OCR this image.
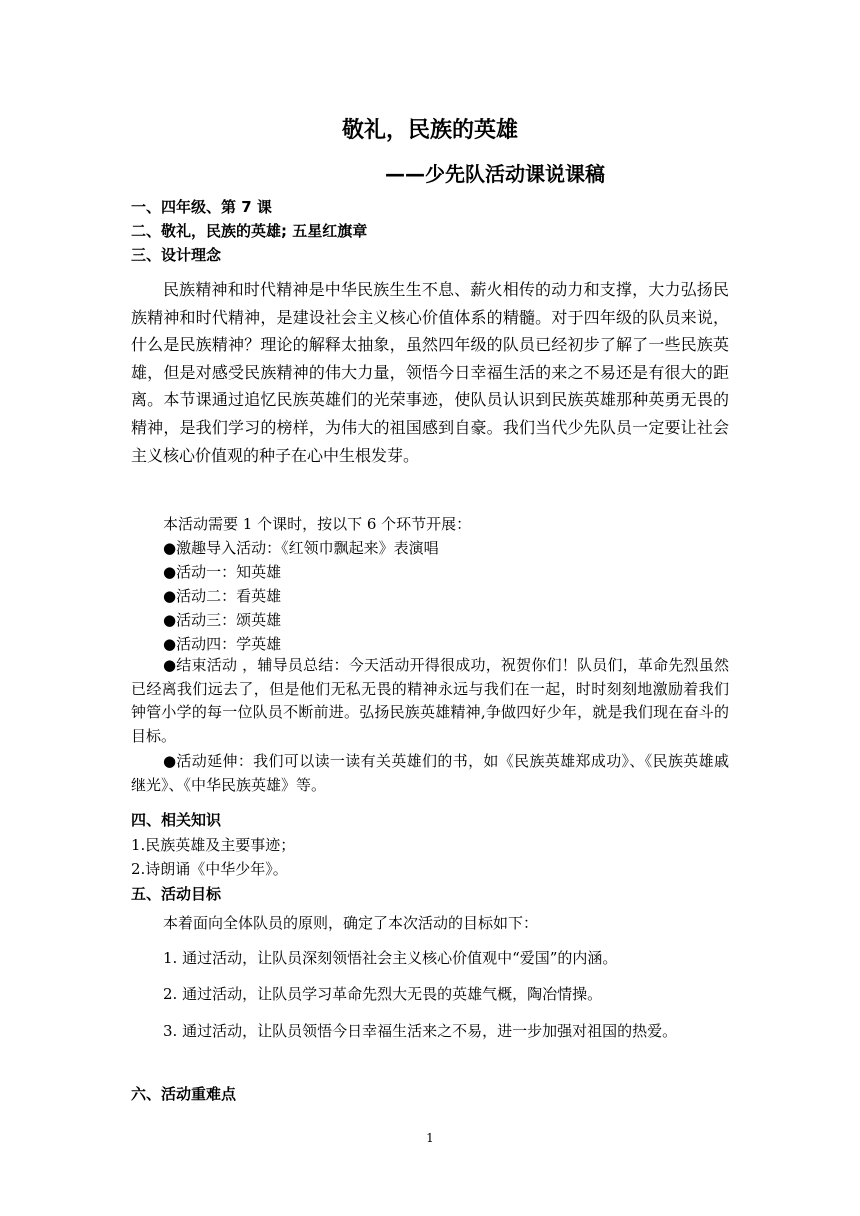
敬礼，民族的英雄
——少先队活动课说课稿
一、四年级、第 7 课
二、敬礼，民族的英雄; 五星红旗章
三、设计理念
民族精神和时代精神是中华民族生生不息、薪火相传的动力和支撑，大力弘扬民族精神和时代精神，是建设社会主义核心价值体系的精髓。对于四年级的队员来说，什么是民族精神？理论的解释太抽象，虽然四年级的队员已经初步了解了一些民族英雄，但是对感受民族精神的伟大力量，领悟今日幸福生活的来之不易还是有很大的距离。本节课通过追忆民族英雄们的光荣事迹，使队员认识到民族英雄那种英勇无畏的精神，是我们学习的榜样，为伟大的祖国感到自豪。我们当代少先队员一定要让社会主义核心价值观的种子在心中生根发芽。
本活动需要 1 个课时，按以下 6 个环节开展：
●激趣导入活动：《红领巾飘起来》表演唱
●活动一：知英雄
●活动二：看英雄
●活动三：颂英雄
●活动四：学英雄
●结束活动 ，辅导员总结：今天活动开得很成功，祝贺你们！队员们，革命先烈虽然已经离我们远去了，但是他们无私无畏的精神永远与我们在一起，时时刻刻地激励着我们钟管小学的每一位队员不断前进。弘扬民族英雄精神,争做四好少年，就是我们现在奋斗的目标。
●活动延伸：我们可以读一读有关英雄们的书，如《民族英雄郑成功》、《民族英雄戚继光》、《中华民族英雄》等。
四、相关知识
1.民族英雄及主要事迹；
2.诗朗诵《中华少年》。
五、活动目标
本着面向全体队员的原则，确定了本次活动的目标如下：
1. 通过活动，让队员深刻领悟社会主义核心价值观中“爱国”的内涵。
2. 通过活动，让队员学习革命先烈大无畏的英雄气概，陶冶情操。
3. 通过活动，让队员领悟今日幸福生活来之不易，进一步加强对祖国的热爱。
六、活动重难点
1
